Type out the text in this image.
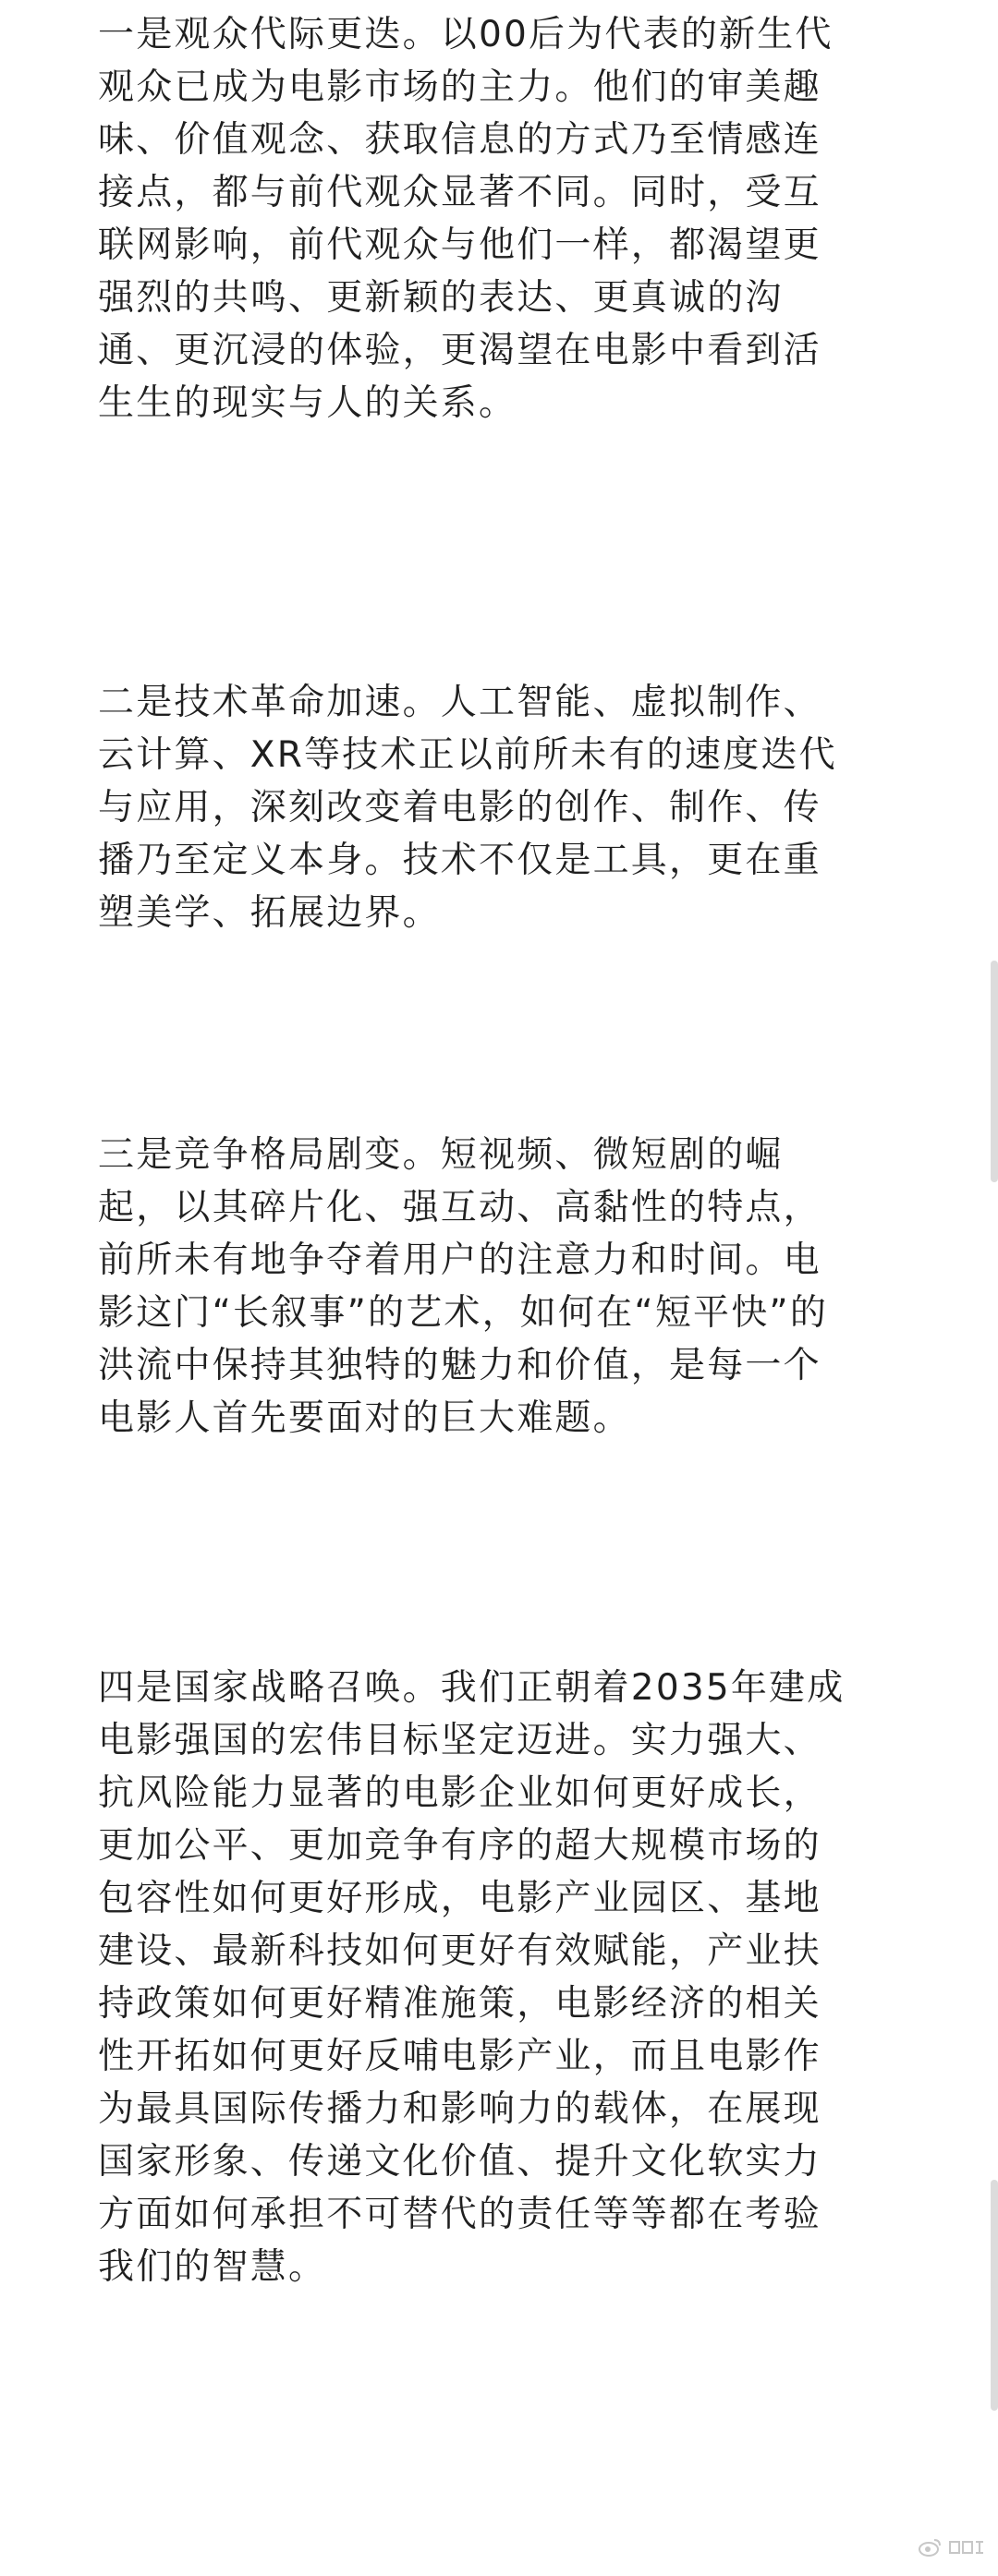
一是观众代际更迭。以00后为代表的新生代
观众已成为电影市场的主力。他们的审美趣
味、价值观念、获取信息的方式乃至情感连
接点，都与前代观众显著不同。同时，受互
联网影响，前代观众与他们一样，都渴望更
强烈的共鸣、更新颖的表达、更真诚的沟
通、更沉浸的体验，更渴望在电影中看到活
生生的现实与人的关系。

二是技术革命加速。人工智能、虚拟制作、
云计算、XR等技术正以前所未有的速度迭代
与应用，深刻改变着电影的创作、制作、传
播乃至定义本身。技术不仅是工具，更在重
塑美学、拓展边界。

三是竞争格局剧变。短视频、微短剧的崛
起，以其碎片化、强互动、高黏性的特点，
前所未有地争夺着用户的注意力和时间。电
影这门“长叙事”的艺术，如何在“短平快”的
洪流中保持其独特的魅力和价值，是每一个
电影人首先要面对的巨大难题。

四是国家战略召唤。我们正朝着2035年建成
电影强国的宏伟目标坚定迈进。实力强大、
抗风险能力显著的电影企业如何更好成长，
更加公平、更加竞争有序的超大规模市场的
包容性如何更好形成，电影产业园区、基地
建设、最新科技如何更好有效赋能，产业扶
持政策如何更好精准施策，电影经济的相关
性开拓如何更好反哺电影产业，而且电影作
为最具国际传播力和影响力的载体，在展现
国家形象、传递文化价值、提升文化软实力
方面如何承担不可替代的责任等等都在考验
我们的智慧。
